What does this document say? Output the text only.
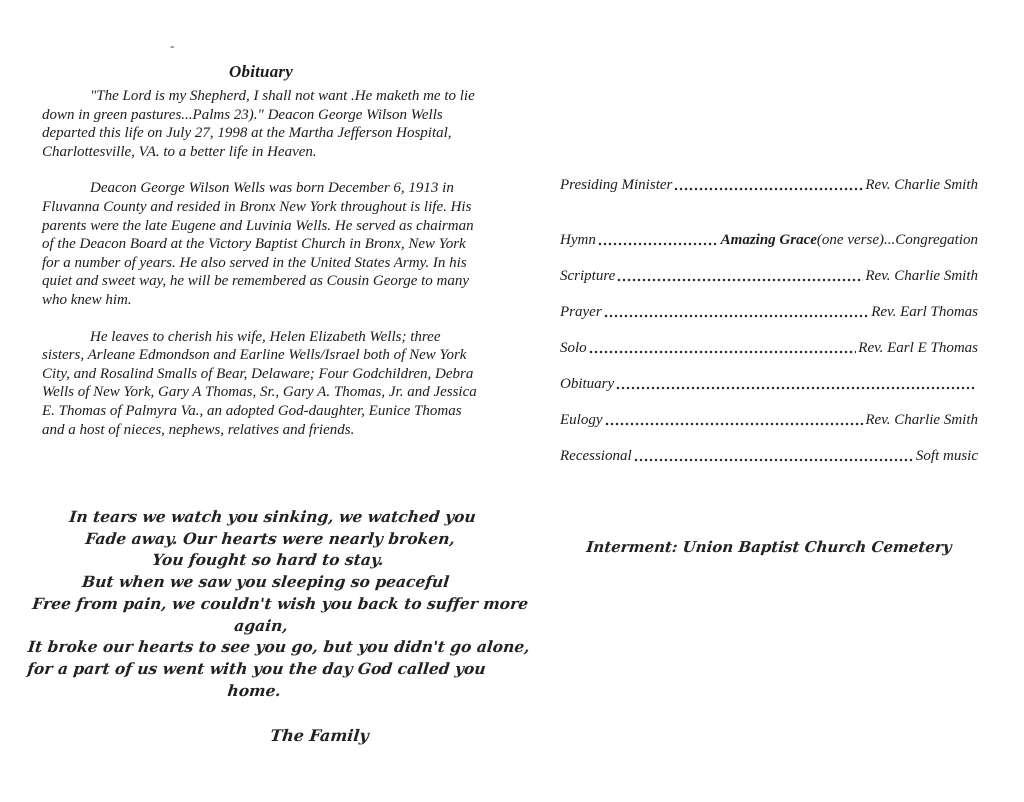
-
Obituary

"The Lord is my Shepherd, I shall not want .He maketh me to lie down in green pastures...Palms 23)." Deacon George Wilson Wells departed this life on July 27, 1998 at the Martha Jefferson Hospital, Charlottesville, VA. to a better life in Heaven.

Deacon George Wilson Wells was born December 6, 1913 in Fluvanna County and resided in Bronx New York throughout is life. His parents were the late Eugene and Luvinia Wells. He served as chairman of the Deacon Board at the Victory Baptist Church in Bronx, New York for a number of years. He also served in the United States Army. In his quiet and sweet way, he will be remembered as Cousin George to many who knew him.

He leaves to cherish his wife, Helen Elizabeth Wells; three sisters, Arleane Edmondson and Earline Wells/Israel both of New York City, and Rosalind Smalls of Bear, Delaware; Four Godchildren, Debra Wells of New York, Gary A Thomas, Sr., Gary A. Thomas, Jr. and Jessica E. Thomas of Palmyra Va., an adopted God-daughter, Eunice Thomas and a host of nieces, nephews, relatives and friends.

In tears we watch you sinking, we watched you
Fade away. Our hearts were nearly broken,
You fought so hard to stay.
But when we saw you sleeping so peaceful
Free from pain, we couldn't wish you back to suffer more
again,
It broke our hearts to see you go, but you didn't go alone,
for a part of us went with you the day God called you
home.
The Family
Presiding Minister	Rev. Charlie Smith
Hymn	Amazing Grace (one verse)... Congregation
Scripture	Rev. Charlie Smith
Prayer	Rev. Earl Thomas
Solo	Rev. Earl E Thomas
Obituary
Eulogy	Rev. Charlie Smith
Recessional	Soft music
Interment: Union Baptist Church Cemetery
